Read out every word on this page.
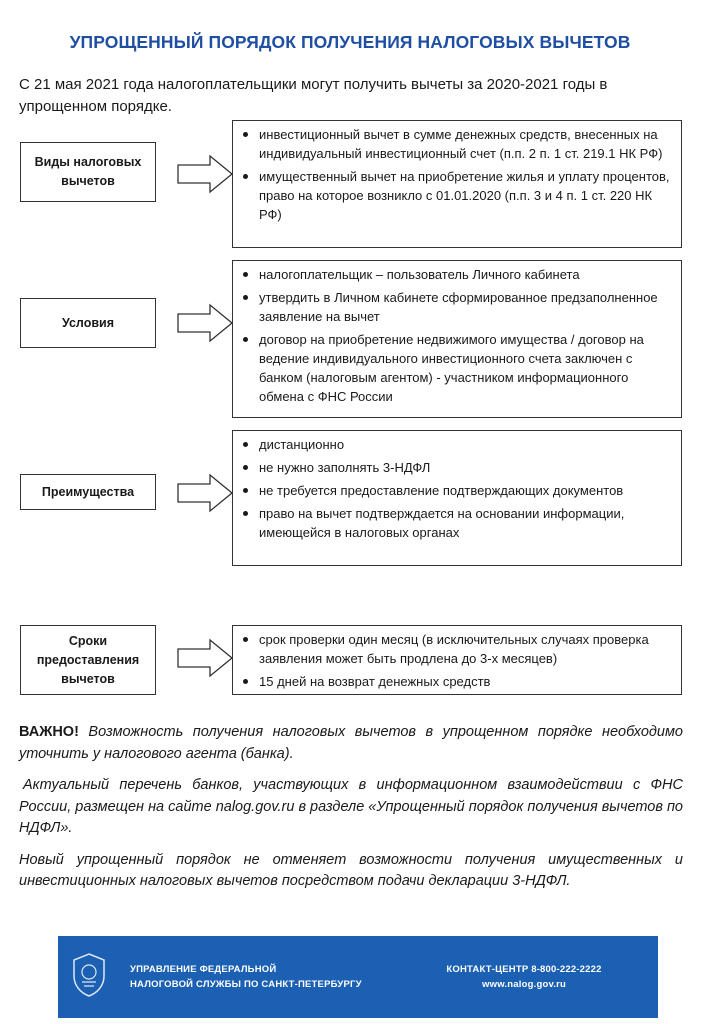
УПРОЩЕННЫЙ ПОРЯДОК ПОЛУЧЕНИЯ НАЛОГОВЫХ ВЫЧЕТОВ
С 21 мая 2021 года налогоплательщики могут получить вычеты за 2020-2021 годы в упрощенном порядке.
Виды налоговых вычетов
инвестиционный вычет в сумме денежных средств, внесенных на индивидуальный инвестиционный счет (п.п. 2 п. 1 ст. 219.1 НК РФ)
имущественный вычет на приобретение жилья и уплату процентов, право на которое возникло с 01.01.2020 (п.п. 3 и 4 п. 1 ст. 220 НК РФ)
Условия
налогоплательщик – пользователь Личного кабинета
утвердить в Личном кабинете сформированное предзаполненное заявление на вычет
договор на приобретение недвижимого имущества / договор на ведение индивидуального инвестиционного счета заключен с банком (налоговым агентом) - участником информационного обмена с ФНС России
Преимущества
дистанционно
не нужно заполнять 3-НДФЛ
не требуется предоставление подтверждающих документов
право на вычет подтверждается на основании информации, имеющейся в налоговых органах
Сроки предоставления вычетов
срок проверки один месяц (в исключительных случаях проверка заявления может быть продлена до 3-х месяцев)
15 дней на возврат денежных средств

ВАЖНО! Возможность получения налоговых вычетов в упрощенном порядке необходимо уточнить у налогового агента (банка).

Актуальный перечень банков, участвующих в информационном взаимодействии с ФНС России, размещен на сайте nalog.gov.ru в разделе «Упрощенный порядок получения вычетов по НДФЛ».

Новый упрощенный порядок не отменяет возможности получения имущественных и инвестиционных налоговых вычетов посредством подачи декларации 3-НДФЛ.

УПРАВЛЕНИЕ ФЕДЕРАЛЬНОЙ
НАЛОГОВОЙ СЛУЖБЫ ПО САНКТ-ПЕТЕРБУРГУ
КОНТАКТ-ЦЕНТР 8-800-222-2222
www.nalog.gov.ru
